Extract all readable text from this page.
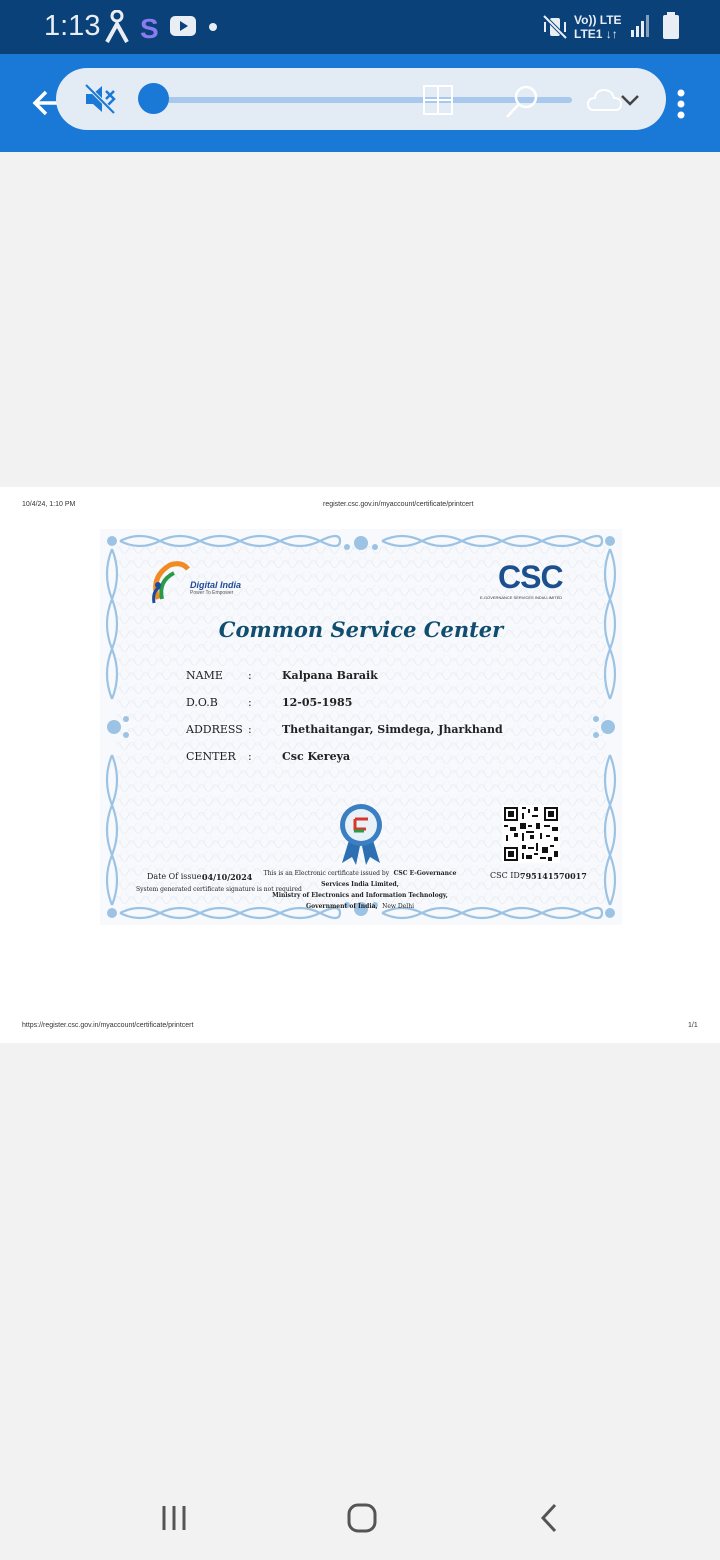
1:13 S	Vo)) LTE
LTE1 ↓↑
10/4/24, 1:10 PM	register.csc.gov.in/myaccount/certificate/printcert
Digital India
Power To Empower	CSC
E-GOVERNANCE SERVICES INDIA LIMITED
Common Service Center
NAME :	Kalpana Baraik
D.O.B	:	12-05-1985
ADDRESS :	Thethaitangar, Simdega, Jharkhand
CENTER :	Csc Kereya
Date Of issue:
04/10/2024
System generated certificate signature is not required
This is an Electronic certificate issued by CSC E-Governance Services India Limited,
Ministry of Electronics and Information Technology,
Government of India, New Delhi
CSC ID:
795141570017
https://register.csc.gov.in/myaccount/certificate/printcert	1/1
